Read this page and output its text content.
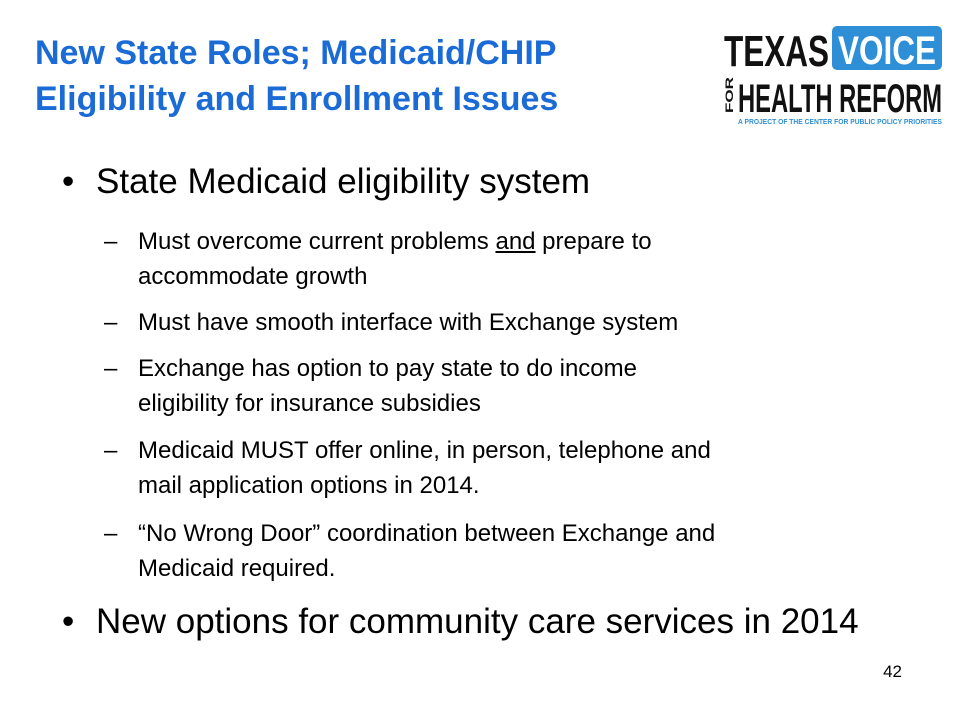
New State Roles; Medicaid/CHIP
Eligibility and Enrollment Issues
TEXAS VOICE
FOR HEALTH REFORM
A PROJECT OF THE CENTER FOR PUBLIC POLICY PRIORITIES
• State Medicaid eligibility system
– Must overcome current problems and prepare to
accommodate growth
– Must have smooth interface with Exchange system
– Exchange has option to pay state to do income
eligibility for insurance subsidies
– Medicaid MUST offer online, in person, telephone and
mail application options in 2014.
– “No Wrong Door” coordination between Exchange and
Medicaid required.
• New options for community care services in 2014
42
